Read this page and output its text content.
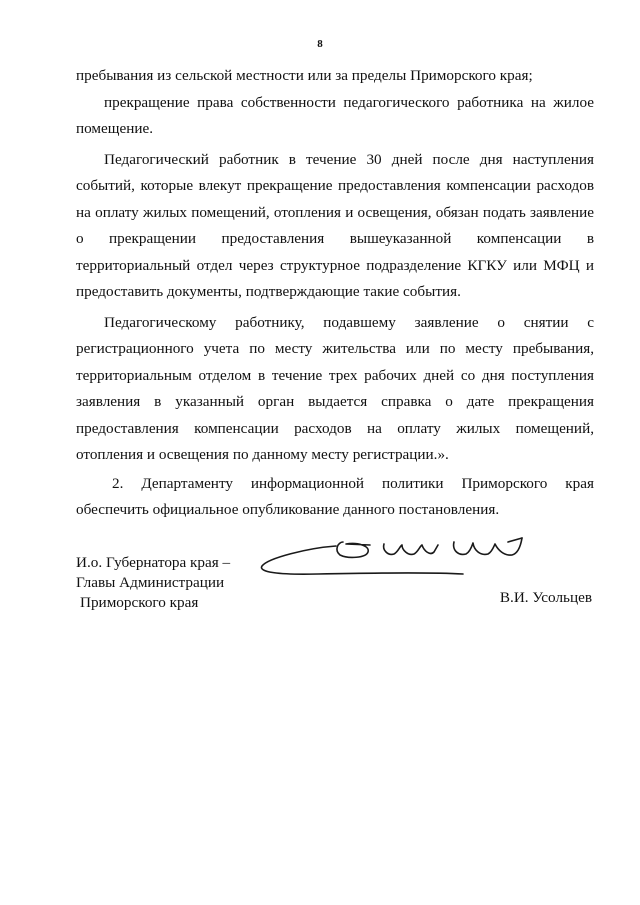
8

пребывания из сельской местности или за пределы Приморского края;

прекращение права собственности педагогического работника на жилое помещение.

Педагогический работник в течение 30 дней после дня наступления событий, которые влекут прекращение предоставления компенсации расходов на оплату жилых помещений, отопления и освещения, обязан подать заявление о прекращении предоставления вышеуказанной компенсации в территориальный отдел через структурное подразделение КГКУ или МФЦ и предоставить документы, подтверждающие такие события.

Педагогическому работнику, подавшему заявление о снятии с регистрационного учета по месту жительства или по месту пребывания, территориальным отделом в течение трех рабочих дней со дня поступления заявления в указанный орган выдается справка о дате прекращения предоставления компенсации расходов на оплату жилых помещений, отопления и освещения по данному месту регистрации.».

2. Департаменту информационной политики Приморского края обеспечить официальное опубликование данного постановления.

И.о. Губернатора края –
Главы Администрации
Приморского края	В.И. Усольцев
